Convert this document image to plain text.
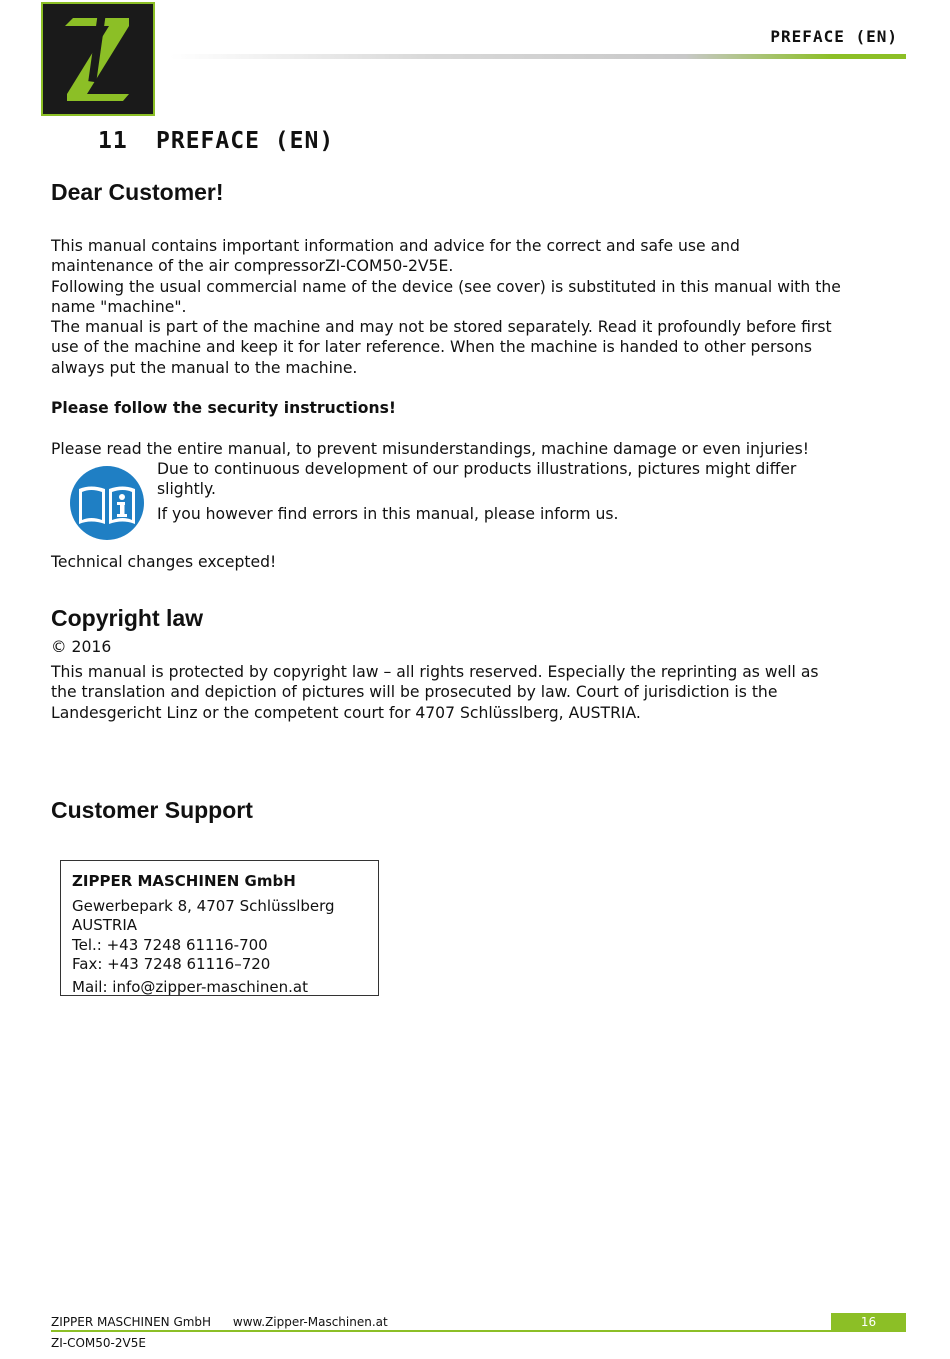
PREFACE (EN)
11 PREFACE (EN)
Dear Customer!
This manual contains important information and advice for the correct and safe use and
maintenance of the air compressorZI-COM50-2V5E.
Following the usual commercial name of the device (see cover) is substituted in this manual with the
name "machine".
The manual is part of the machine and may not be stored separately. Read it profoundly before first
use of the machine and keep it for later reference. When the machine is handed to other persons
always put the manual to the machine.
Please follow the security instructions!
Please read the entire manual, to prevent misunderstandings, machine damage or even injuries!
Due to continuous development of our products illustrations, pictures might differ
slightly.
If you however find errors in this manual, please inform us.
Technical changes excepted!
Copyright law
© 2016
This manual is protected by copyright law – all rights reserved. Especially the reprinting as well as
the translation and depiction of pictures will be prosecuted by law. Court of jurisdiction is the
Landesgericht Linz or the competent court for 4707 Schlüsslberg, AUSTRIA.
Customer Support
ZIPPER MASCHINEN GmbH
Gewerbepark 8, 4707 Schlüsslberg
AUSTRIA
Tel.: +43 7248 61116-700
Fax: +43 7248 61116–720
Mail: info@zipper-maschinen.at
ZIPPER MASCHINEN GmbH www.Zipper-Maschinen.at	16
ZI-COM50-2V5E
